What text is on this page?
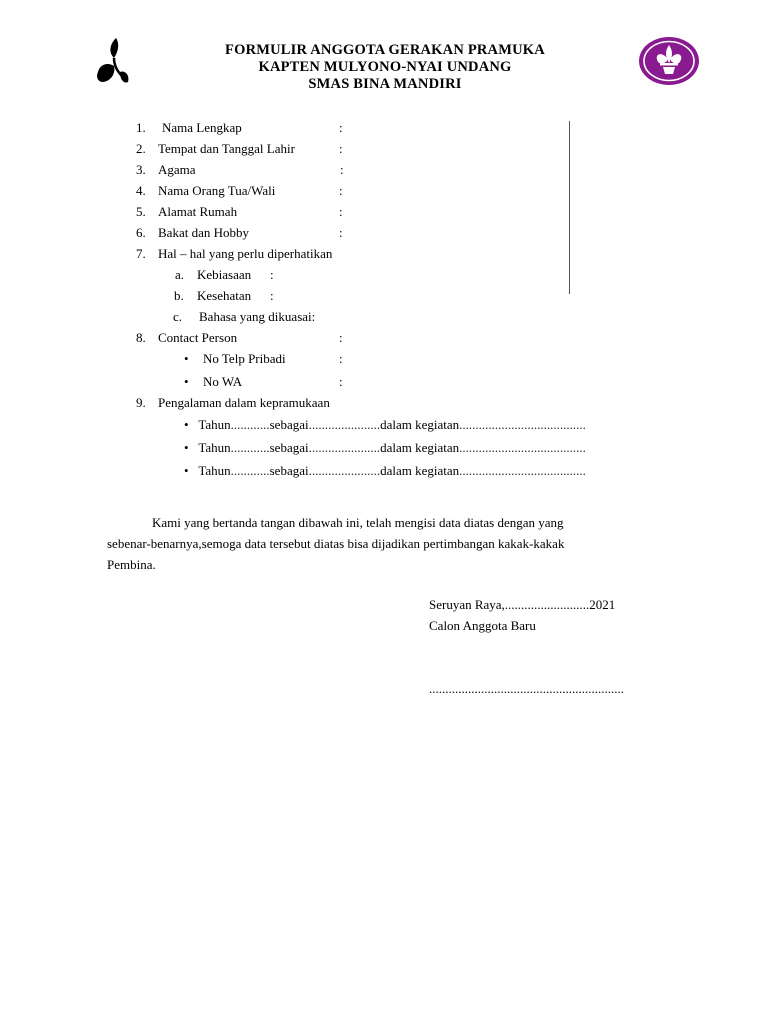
FORMULIR ANGGOTA GERAKAN PRAMUKA
KAPTEN MULYONO-NYAI UNDANG
SMAS BINA MANDIRI
1. Nama Lengkap	:
2. Tempat dan Tanggal Lahir	:
3. Agama	:
4. Nama Orang Tua/Wali	:
5. Alamat Rumah	:
6. Bakat dan Hobby	:
7. Hal – hal yang perlu diperhatikan
a. Kebiasaan :
b. Kesehatan :
c. Bahasa yang dikuasai:
8. Contact Person	:
•
No Telp Pribadi	:
•
No WA	:
9. Pengalaman dalam kepramukaan
•    Tahun............sebagai......................dalam kegiatan.......................................
•    Tahun............sebagai......................dalam kegiatan.......................................
•    Tahun............sebagai......................dalam kegiatan.......................................
Kami yang bertanda tangan dibawah ini, telah mengisi data diatas dengan yang
sebenar-benarnya,semoga data tersebut diatas bisa dijadikan pertimbangan kakak-kakak
Pembina.
Seruyan Raya,..........................2021
Calon Anggota Baru
............................................................
